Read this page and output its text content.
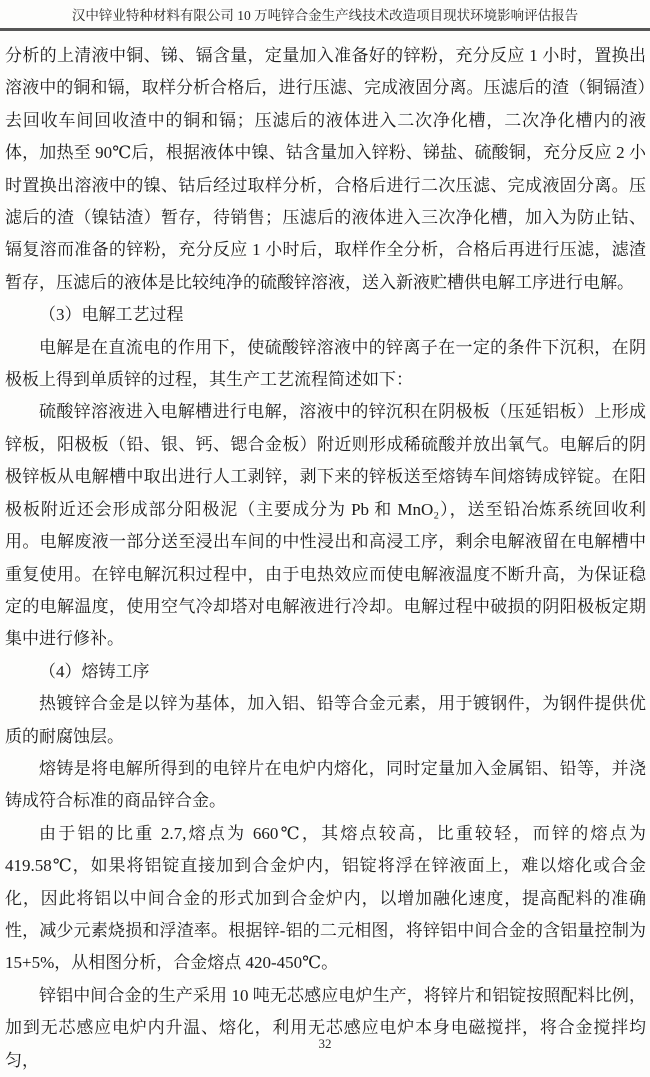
汉中锌业特种材料有限公司 10 万吨锌合金生产线技术改造项目现状环境影响评估报告

分析的上清液中铜、锑、镉含量，定量加入准备好的锌粉，充分反应 1 小时，置换出溶液中的铜和镉，取样分析合格后，进行压滤、完成液固分离。压滤后的渣（铜镉渣）去回收车间回收渣中的铜和镉；压滤后的液体进入二次净化槽，二次净化槽内的液体，加热至 90℃后，根据液体中镍、钴含量加入锌粉、锑盐、硫酸铜，充分反应 2 小时置换出溶液中的镍、钴后经过取样分析，合格后进行二次压滤、完成液固分离。压滤后的渣（镍钴渣）暂存，待销售；压滤后的液体进入三次净化槽，加入为防止钴、镉复溶而准备的锌粉，充分反应 1 小时后，取样作全分析，合格后再进行压滤，滤渣暂存，压滤后的液体是比较纯净的硫酸锌溶液，送入新液贮槽供电解工序进行电解。

（3）电解工艺过程

电解是在直流电的作用下，使硫酸锌溶液中的锌离子在一定的条件下沉积，在阴极板上得到单质锌的过程，其生产工艺流程简述如下：

硫酸锌溶液进入电解槽进行电解，溶液中的锌沉积在阴极板（压延铝板）上形成锌板，阳极板（铅、银、钙、锶合金板）附近则形成稀硫酸并放出氧气。电解后的阴极锌板从电解槽中取出进行人工剥锌，剥下来的锌板送至熔铸车间熔铸成锌锭。在阳极板附近还会形成部分阳极泥（主要成分为 Pb 和 MnO₂），送至铅冶炼系统回收利用。电解废液一部分送至浸出车间的中性浸出和高浸工序，剩余电解液留在电解槽中重复使用。在锌电解沉积过程中，由于电热效应而使电解液温度不断升高，为保证稳定的电解温度，使用空气冷却塔对电解液进行冷却。电解过程中破损的阴阳极板定期集中进行修补。

（4）熔铸工序

热镀锌合金是以锌为基体，加入铝、铅等合金元素，用于镀钢件，为钢件提供优质的耐腐蚀层。

熔铸是将电解所得到的电锌片在电炉内熔化，同时定量加入金属铝、铅等，并浇铸成符合标准的商品锌合金。

由于铝的比重 2.7,熔点为 660℃，其熔点较高，比重较轻，而锌的熔点为 419.58℃，如果将铝锭直接加到合金炉内，铝锭将浮在锌液面上，难以熔化或合金化，因此将铝以中间合金的形式加到合金炉内，以增加融化速度，提高配料的准确性，减少元素烧损和浮渣率。根据锌-铝的二元相图，将锌铝中间合金的含铝量控制为 15+5%，从相图分析，合金熔点 420-450℃。

锌铝中间合金的生产采用 10 吨无芯感应电炉生产，将锌片和铝锭按照配料比例，加到无芯感应电炉内升温、熔化，利用无芯感应电炉本身电磁搅拌，将合金搅拌均匀，

32
